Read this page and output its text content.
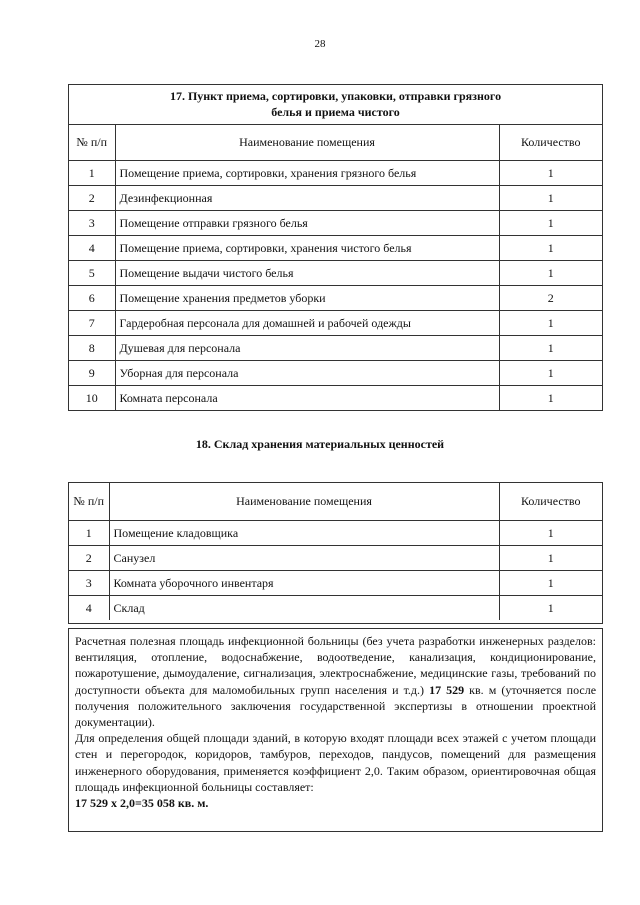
28
17. Пункт приема, сортировки, упаковки, отправки грязного
белья и приема чистого
№ п/п	Наименование помещения	Количество
1	Помещение приема, сортировки, хранения грязного белья	1
2	Дезинфекционная	1
3	Помещение отправки грязного белья	1
4	Помещение приема, сортировки, хранения чистого белья	1
5	Помещение выдачи чистого белья	1
6	Помещение хранения предметов уборки	2
7	Гардеробная персонала для домашней и рабочей одежды	1
8	Душевая для персонала	1
9	Уборная для персонала	1
10	Комната персонала	1
18. Склад хранения материальных ценностей
№ п/п	Наименование помещения	Количество
1	Помещение кладовщика	1
2	Санузел	1
3	Комната уборочного инвентаря	1
4	Склад	1

Расчетная полезная площадь инфекционной больницы (без учета разработки инженерных разделов: вентиляция, отопление, водоснабжение, водоотведение, канализация, кондиционирование, пожаротушение, дымоудаление, сигнализация, электроснабжение, медицинские газы, требований по доступности объекта для маломобильных групп населения и т.д.) 17 529 кв. м (уточняется после получения положительного заключения государственной экспертизы в отношении проектной документации).

Для определения общей площади зданий, в которую входят площади всех этажей с учетом площади стен и перегородок, коридоров, тамбуров, переходов, пандусов, помещений для размещения инженерного оборудования, применяется коэффициент 2,0. Таким образом, ориентировочная общая площадь инфекционной больницы составляет:

17 529 х 2,0=35 058 кв. м.
